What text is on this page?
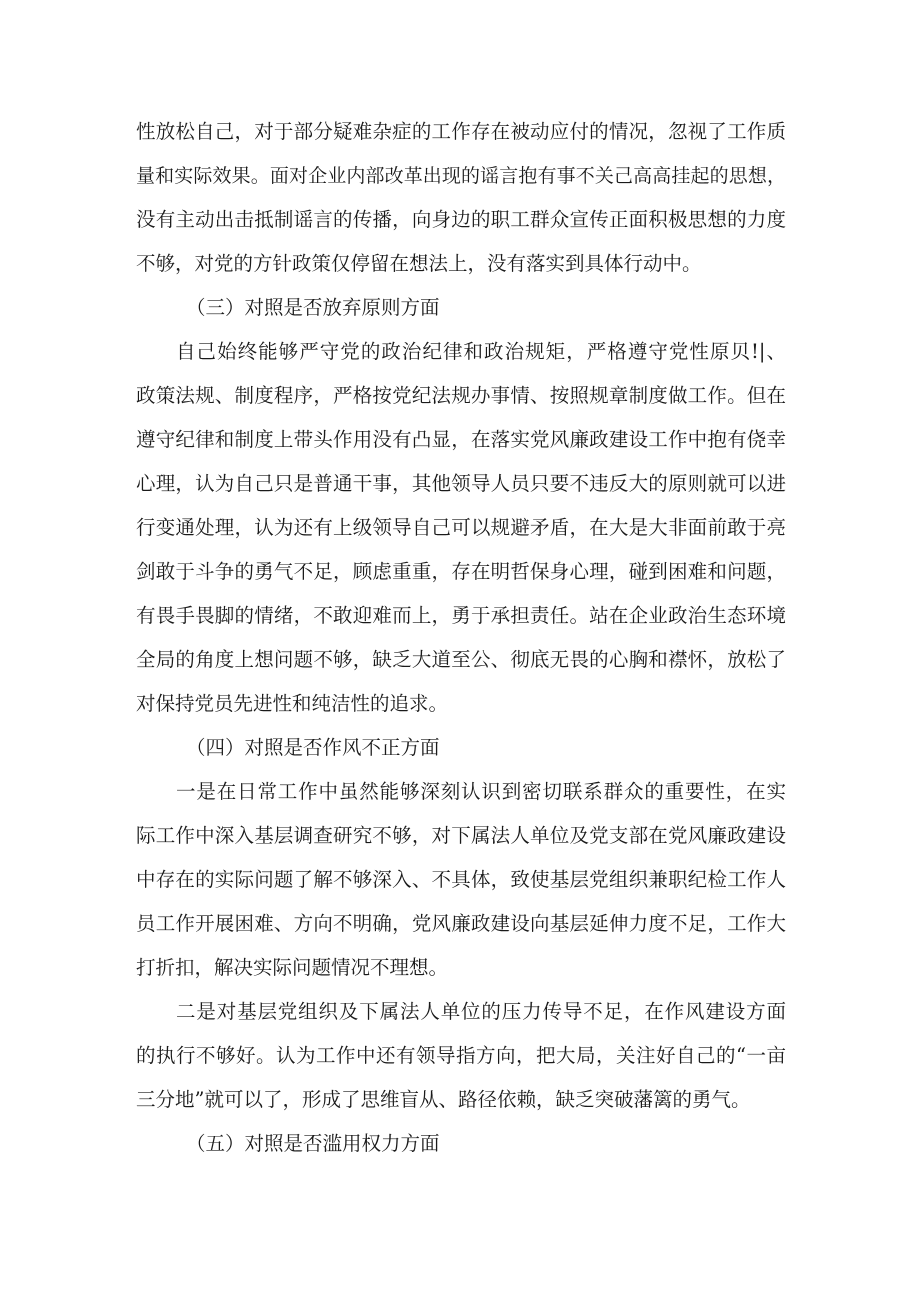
性放松自己，对于部分疑难杂症的工作存在被动应付的情况，忽视了工作质
量和实际效果。面对企业内部改革出现的谣言抱有事不关己高高挂起的思想，
没有主动出击抵制谣言的传播，向身边的职工群众宣传正面积极思想的力度
不够，对党的方针政策仅停留在想法上，没有落实到具体行动中。
（三）对照是否放弃原则方面
自己始终能够严守党的政治纪律和政治规矩，严格遵守党性原贝!|、
政策法规、制度程序，严格按党纪法规办事情、按照规章制度做工作。但在
遵守纪律和制度上带头作用没有凸显，在落实党风廉政建设工作中抱有侥幸
心理，认为自己只是普通干事，其他领导人员只要不违反大的原则就可以进
行变通处理，认为还有上级领导自己可以规避矛盾，在大是大非面前敢于亮
剑敢于斗争的勇气不足，顾虑重重，存在明哲保身心理，碰到困难和问题，
有畏手畏脚的情绪，不敢迎难而上，勇于承担责任。站在企业政治生态环境
全局的角度上想问题不够，缺乏大道至公、彻底无畏的心胸和襟怀，放松了
对保持党员先进性和纯洁性的追求。
（四）对照是否作风不正方面
一是在日常工作中虽然能够深刻认识到密切联系群众的重要性，在实
际工作中深入基层调查研究不够，对下属法人单位及党支部在党风廉政建设
中存在的实际问题了解不够深入、不具体，致使基层党组织兼职纪检工作人
员工作开展困难、方向不明确，党风廉政建设向基层延伸力度不足，工作大
打折扣，解决实际问题情况不理想。
二是对基层党组织及下属法人单位的压力传导不足，在作风建设方面
的执行不够好。认为工作中还有领导指方向，把大局，关注好自己的“一亩
三分地”就可以了，形成了思维盲从、路径依赖，缺乏突破藩篱的勇气。
（五）对照是否滥用权力方面
